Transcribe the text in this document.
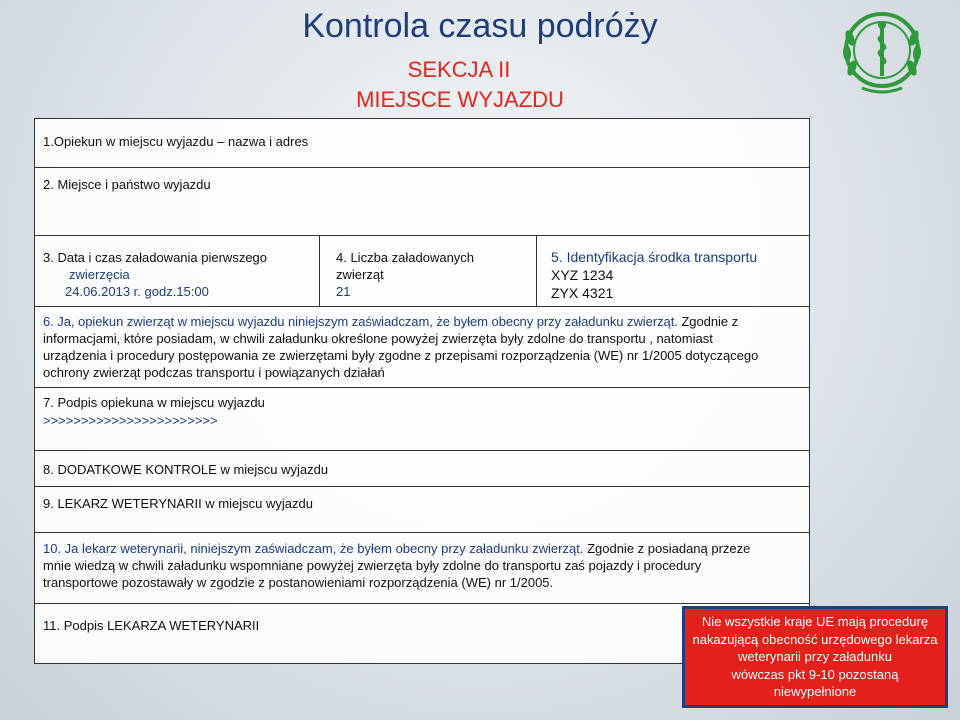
Kontrola czasu podróży
SEKCJA II
MIEJSCE WYJAZDU
1.Opiekun w miejscu wyjazdu – nazwa i adres
2. Miejsce i państwo wyjazdu
3. Data i czas załadowania pierwszego
zwierzęcia
24.06.2013 r. godz.15:00
4. Liczba załadowanych
zwierząt
21
5. Identyfikacja środka transportu
XYZ 1234
ZYX 4321
6. Ja, opiekun zwierząt w miejscu wyjazdu niniejszym zaświadczam, że byłem obecny przy załadunku zwierząt. Zgodnie z
informacjami, które posiadam, w chwili załadunku określone powyżej zwierzęta były zdolne do transportu , natomiast
urządzenia i procedury postępowania ze zwierzętami były zgodne z przepisami rozporządzenia (WE) nr 1/2005 dotyczącego
ochrony zwierząt podczas transportu i powiązanych działań
7. Podpis opiekuna w miejscu wyjazdu
>>>>>>>>>>>>>>>>>>>>>>>
8. DODATKOWE KONTROLE w miejscu wyjazdu
9. LEKARZ WETERYNARII w miejscu wyjazdu
10. Ja lekarz weterynarii, niniejszym zaświadczam, że byłem obecny przy załadunku zwierząt. Zgodnie z posiadaną przeze
mnie wiedzą w chwili załadunku wspomniane powyżej zwierzęta były zdolne do transportu zaś pojazdy i procedury
transportowe pozostawały w zgodzie z postanowieniami rozporządzenia (WE) nr 1/2005.
11. Podpis LEKARZA WETERYNARII	Nie wszystkie kraje UE mają procedurę
nakazującą obecność urzędowego lekarza
weterynarii przy załadunku
wówczas pkt 9-10 pozostaną
niewypełnione
